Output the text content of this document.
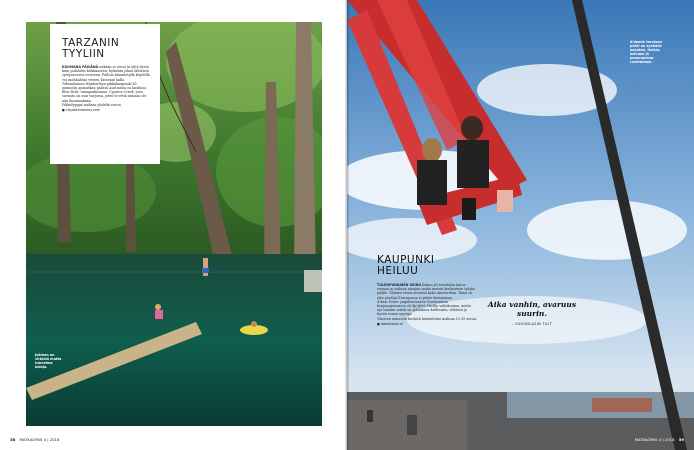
TARZANIN TYYLIIN

KUUMANA PÄIVÄNÄ mikään ei virvoi ta yhtä hyvin kuin pulahdus kirkkaaseen, kylmään joken lähteistä syntyneeseen vesiseen. Pulloin kiinnitetyllä köydellä voi molskahtaa veteen Tarzanin lailla.

Teksasilainen Wimberleyn pikkukaupunki 45 minuutin ajomatkan päässä Austinista on kuuluisa Blue Hole -uimapaikastaan. Cypress Creek -joen suvanto on osin varjossa, joten ei vettä uimaan ole niin kuumaakaan.

Pikkufyyppu maksaa yhdeltä euron.

● cityofwimberley.com
Jokinen on virkistä mutta tunnelma kaloja.
58 MATKAOPAS 4 | 2018
A'damin torniaan päärl on sykkälle kohoten, itaisia, kaivaan ja panoraamaa- ravintolaan.
KAUPUNKI HEILUU

TULENPUNAINEN KEINU liukuu yli tornitalon katon reunan ja sinkoaa ainajan sauhu metrin korkeuteen tyhjän päälle. Silmien eteen aveutuu koko Amsterdam. Tämä on yksi pöntöjä Euroopassa ei pääse keinumaan.

A'dam Tower ympäristöineen Overhoeksin kaupunginosassa oli ilp-yhtiö Shellin valtakuntaa, mutta nyt tunnim seinät on jaloluksen kulttuurin, viihteen ja hyvän ruuan nyyseja.

Viinteen minuutin kestävä keinutteluu maksaa 12,50 euroa.

● adamtoren.nl
Aika vanhin, avaruus suurin.
– SAVONLASIN TILIT
MATKAOPAS 4 | 2018 59
